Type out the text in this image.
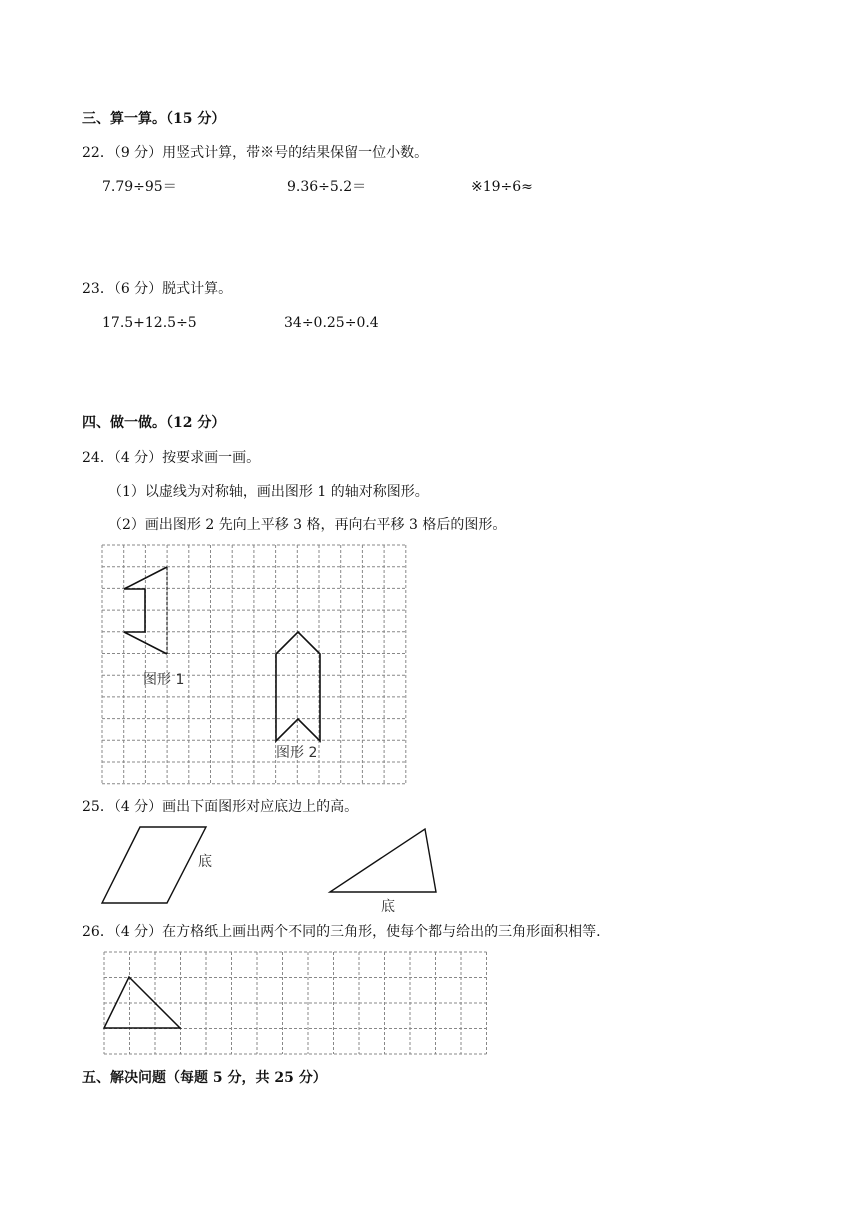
三、算一算。（15 分）
22．（9 分）用竖式计算，带※号的结果保留一位小数。
7.79÷95＝	9.36÷5.2＝	※19÷6≈
23．（6 分）脱式计算。
17.5+12.5÷5	34÷0.25÷0.4
四、做一做。（12 分）
24．（4 分）按要求画一画。
（1）以虚线为对称轴，画出图形 1 的轴对称图形。
（2）画出图形 2 先向上平移 3 格，再向右平移 3 格后的图形。
图形 1
图形 2
25．（4 分）画出下面图形对应底边上的高。
底
底
26．（4 分）在方格纸上画出两个不同的三角形，使每个都与给出的三角形面积相等.
五、解决问题（每题 5 分，共 25 分）
